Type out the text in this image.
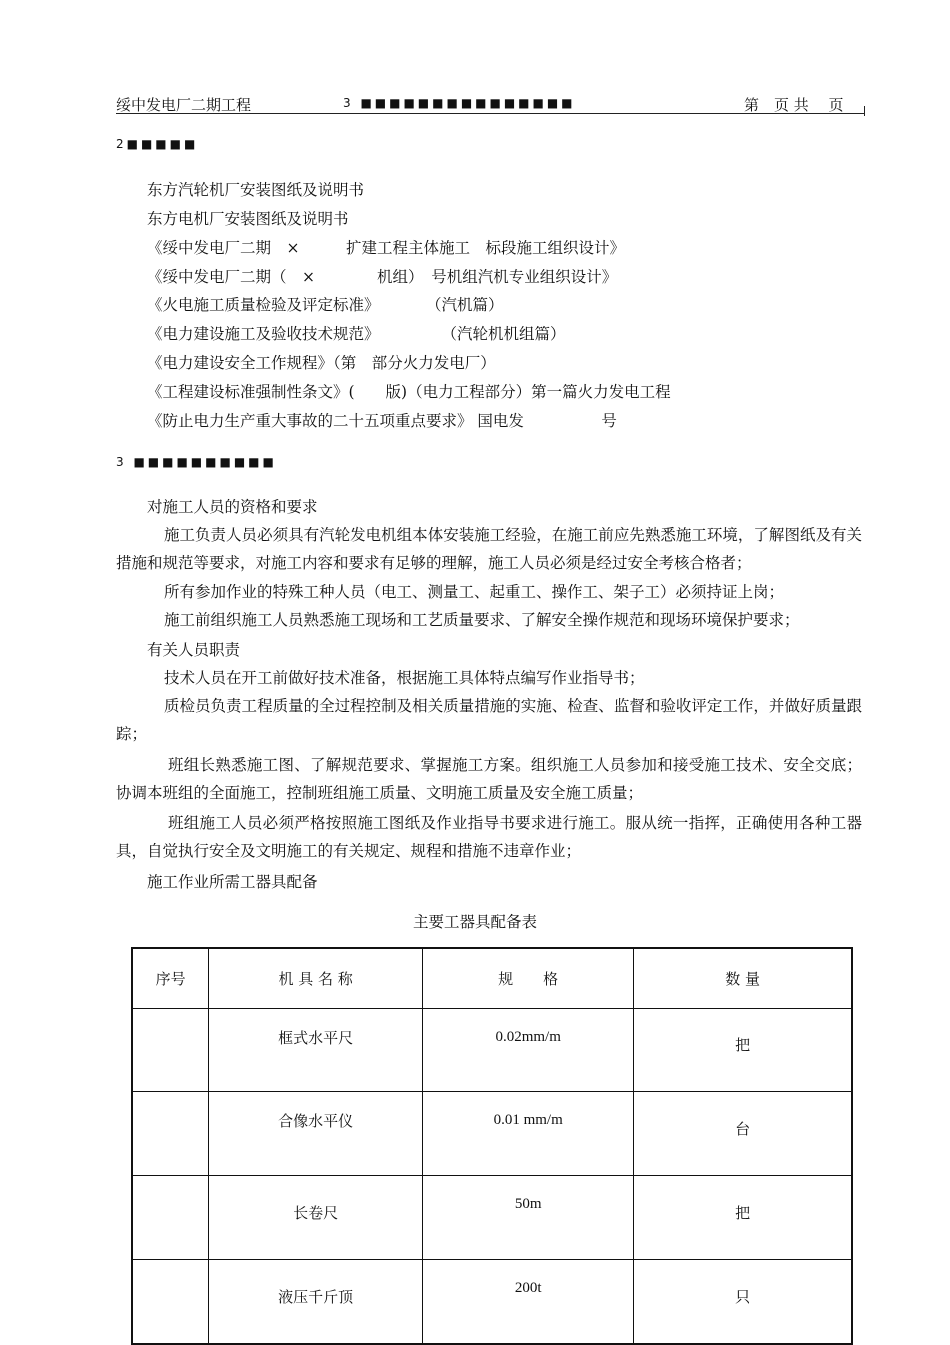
绥中发电厂二期工程	3 ■■■■■■■■■■■■■■■	第　页 共　 页
2■■■■■
东方汽轮机厂安装图纸及说明书
东方电机厂安装图纸及说明书
《绥中发电厂二期　×　　　扩建工程主体施工　标段施工组织设计》
《绥中发电厂二期（　×　　　　机组）　号机组汽机专业组织设计》
《火电施工质量检验及评定标准》　　　　（汽机篇）
《电力建设施工及验收技术规范》　　　　　（汽轮机机组篇）
《电力建设安全工作规程》（第　部分火力发电厂）
《工程建设标准强制性条文》(　　版)（电力工程部分）第一篇火力发电工程
《防止电力生产重大事故的二十五项重点要求》 国电发　　　　　号
3 ■■■■■■■■■■
对施工人员的资格和要求
施工负责人员必须具有汽轮发电机组本体安装施工经验，在施工前应先熟悉施工环境，了解图纸及有关措施和规范等要求，对施工内容和要求有足够的理解，施工人员必须是经过安全考核合格者；
所有参加作业的特殊工种人员（电工、测量工、起重工、操作工、架子工）必须持证上岗；
施工前组织施工人员熟悉施工现场和工艺质量要求、了解安全操作规范和现场环境保护要求；
有关人员职责
技术人员在开工前做好技术准备，根据施工具体特点编写作业指导书；
质检员负责工程质量的全过程控制及相关质量措施的实施、检查、监督和验收评定工作，并做好质量跟踪；
班组长熟悉施工图、了解规范要求、掌握施工方案。组织施工人员参加和接受施工技术、安全交底；协调本班组的全面施工，控制班组施工质量、文明施工质量及安全施工质量；
班组施工人员必须严格按照施工图纸及作业指导书要求进行施工。服从统一指挥，正确使用各种工器具，自觉执行安全及文明施工的有关规定、规程和措施不违章作业；
施工作业所需工器具配备
主要工器具配备表
序号	机 具 名 称	规　　格	数 量
	框式水平尺	0.02mm/m	把
	合像水平仪	0.01 mm/m	台
	长卷尺	50m	把
	液压千斤顶	200t	只
